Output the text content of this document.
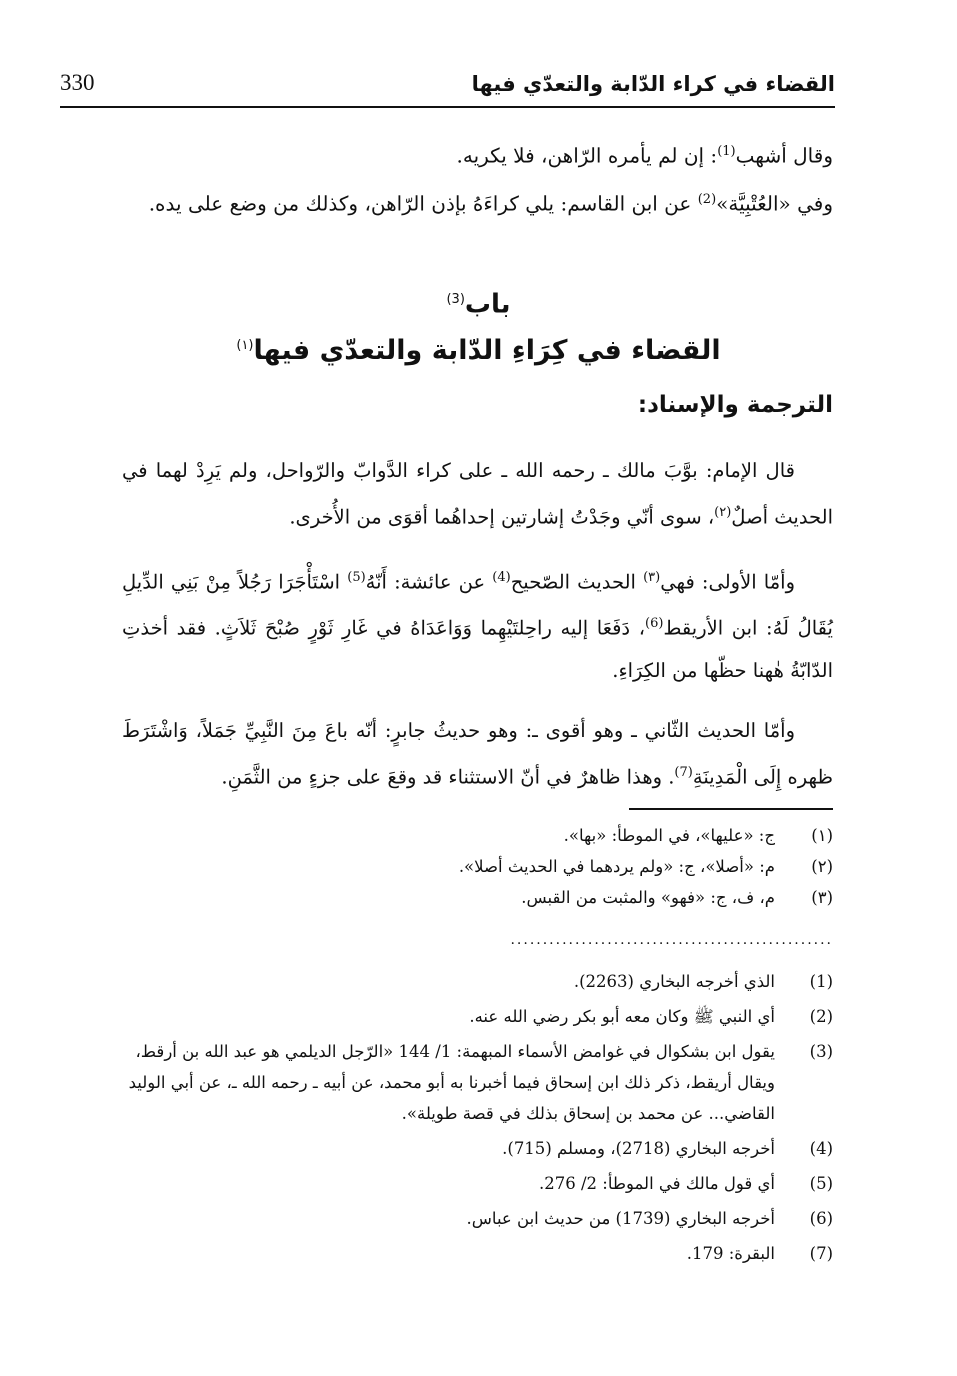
القضاء في كراء الدّابة والتعدّي فيها
330

وقال أشهب$^{(1)}$: إن لم يأمره الرّاهن، فلا يكريه.

وفي «العُتْبِيَّة»$^{(2)}$ عن ابن القاسم: يلي كراءَهُ بإذن الرّاهن، وكذلك من وضع على يده.

باب$^{(3)}$
القضاء في كِرَاءِ الدّابة والتعدّي فيها$^{(١)}$
الترجمة والإسناد:

قال الإمام: بوَّبَ مالك ـ رحمه الله ـ على كراء الدَّوابّ والرّواحل، ولم يَرِدْ لهما في الحديث أصلٌ$^{(٢)}$، سوى أنّي وجَدْتُ إشارتين إحداهُما أقوَى من الأُخرى.

وأمّا الأولى: فهي$^{(٣)}$ الحديث الصّحيح$^{(4)}$ عن عائشة: أَنّهُ$^{(5)}$ اسْتَأْجَرَا رَجُلاً مِنْ بَنِي الدِّيلِ يُقَالُ لَهُ: ابن الأريقط$^{(6)}$، دَفَعَا إليه راحِلتَيْهِما وَوَاعَدَاهُ في غَارِ ثَوْرٍ صُبْحَ ثَلاَثٍ. فقد أخذتِ الدّابّةُ هٰهنا حظّها من الكِرَاءِ.

وأمّا الحديث الثّاني ـ وهو أقوى ـ: وهو حديثُ جابرٍ: أنّه باعَ مِنَ النَّبِيِّ جَمَلاً، وَاشْتَرَطَ ظهره إِلَى الْمَدِينَةِ$^{(7)}$. وهذا ظاهرٌ في أنّ الاستثناء قد وقعَ على جزءٍ من الثَّمَنِ.

(١)
ج: «عليها»، في الموطأ: «بها».
(٢)
م: «أصلا»، ج: «ولم يردهما في الحديث أصلا».
(٣)
م، ف، ج: «فهو» والمثبت من القبس.
..................................................
(1)
الذي أخرجه البخاري (2263).
(2)
أي النبي ﷺ وكان معه أبو بكر رضي الله عنه.
(3)
يقول ابن بشكوال في غوامض الأسماء المبهمة: 1/ 144 «الرّجل الديلمي هو عبد الله بن أرقط، ويقال أريقط، ذكر ذلك ابن إسحاق فيما أخبرنا به أبو محمد، عن أبيه ـ رحمه الله ـ، عن أبي الوليد القاضي... عن محمد بن إسحاق بذلك في قصة طويلة».
(4)
أخرجه البخاري (2718)، ومسلم (715).
(5)
أي قول مالك في الموطأ: 2/ 276.
(6)
أخرجه البخاري (1739) من حديث ابن عباس.
(7)
البقرة: 179.
